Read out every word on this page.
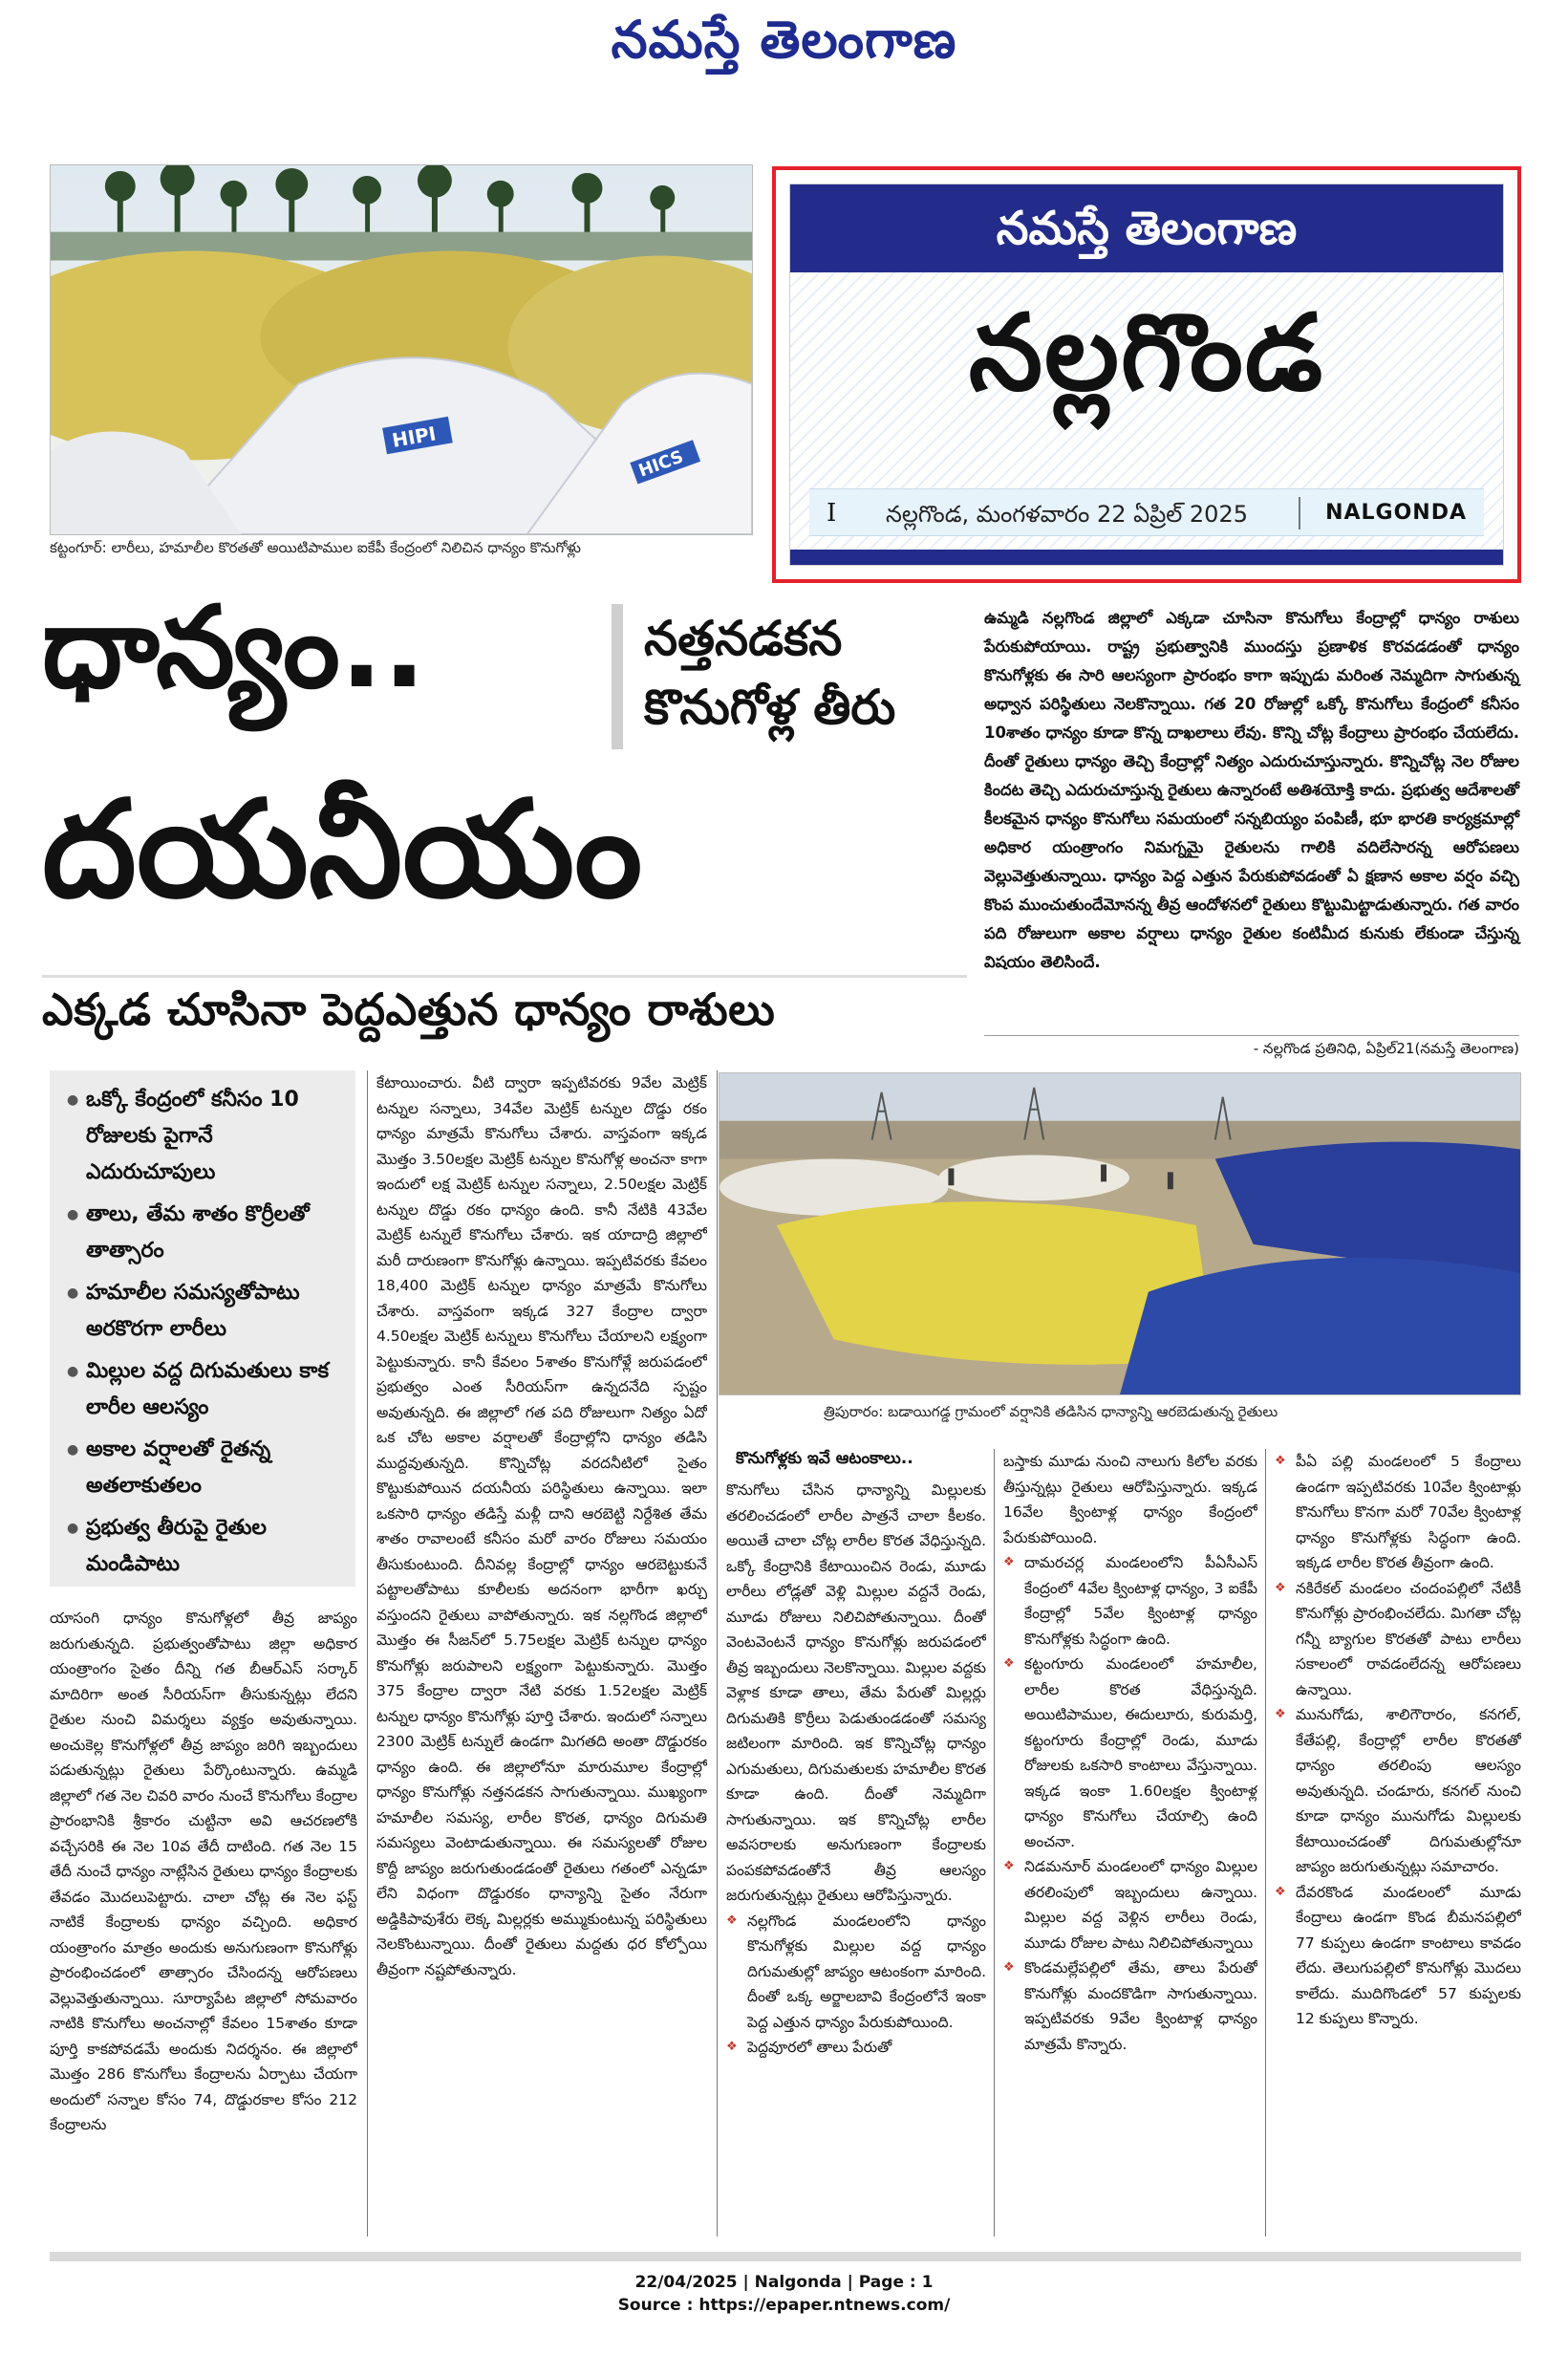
నమస్తే తెలంగాణ
HIPI
HICS
కట్టంగూర్: లారీలు, హమాలీల కొరతతో అయిటిపాముల ఐకేపీ కేంద్రంలో నిలిచిన ధాన్యం కొనుగోళ్లు
నమస్తే తెలంగాణ
నల్లగొండ
I నల్లగొండ, మంగళవారం 22 ఏప్రిల్ 2025	NALGONDA
ధాన్యం..
దయనీయం
నత్తనడకన
కొనుగోళ్ల తీరు
ఎక్కడ చూసినా పెద్దఎత్తున ధాన్యం రాశులు

ఉమ్మడి నల్లగొండ జిల్లాలో ఎక్కడా చూసినా కొనుగోలు కేంద్రాల్లో ధాన్యం రాశులు పేరుకుపోయాయి. రాష్ట్ర ప్రభుత్వానికి ముందస్తు ప్రణాళిక కొరవడడంతో ధాన్యం కొనుగోళ్లకు ఈ సారి ఆలస్యంగా ప్రారంభం కాగా ఇప్పుడు మరింత నెమ్మదిగా సాగుతున్న అధ్వాన పరిస్థితులు నెలకొన్నాయి. గత 20 రోజుల్లో ఒక్కో కొనుగోలు కేంద్రంలో కనీసం 10శాతం ధాన్యం కూడా కొన్న దాఖలాలు లేవు. కొన్ని చోట్ల కేంద్రాలు ప్రారంభం చేయలేదు. దీంతో రైతులు ధాన్యం తెచ్చి కేంద్రాల్లో నిత్యం ఎదురుచూస్తున్నారు. కొన్నిచోట్ల నెల రోజుల కిందట తెచ్చి ఎదురుచూస్తున్న రైతులు ఉన్నారంటే అతిశయోక్తి కాదు. ప్రభుత్వ ఆదేశాలతో కీలకమైన ధాన్యం కొనుగోలు సమయంలో సన్నబియ్యం పంపిణీ, భూ భారతి కార్యక్రమాల్లో అధికార యంత్రాంగం నిమగ్నమై రైతులను గాలికి వదిలేసారన్న ఆరోపణలు వెల్లువెత్తుతున్నాయి. ధాన్యం పెద్ద ఎత్తున పేరుకుపోవడంతో ఏ క్షణాన అకాల వర్షం వచ్చి కొంప ముంచుతుందేమోనన్న తీవ్ర ఆందోళనలో రైతులు కొట్టుమిట్టాడుతున్నారు. గత వారం పది రోజులుగా అకాల వర్షాలు ధాన్యం రైతుల కంటిమీద కునుకు లేకుండా చేస్తున్న విషయం తెలిసిందే.

- నల్లగొండ ప్రతినిధి, ఏప్రిల్21(నమస్తే తెలంగాణ)
త్రిపురారం: బడాయిగడ్డ గ్రామంలో వర్షానికి తడిసిన ధాన్యాన్ని ఆరబెడుతున్న రైతులు
● ఒక్కో కేంద్రంలో కనీసం 10 రోజులకు పైగానే ఎదురుచూపులు
● తాలు, తేమ శాతం కొర్రీలతో తాత్సారం
● హమాలీల సమస్యతోపాటు అరకొరగా లారీలు
● మిల్లుల వద్ద దిగుమతులు కాక లారీల ఆలస్యం
● అకాల వర్షాలతో రైతన్న అతలాకుతలం
● ప్రభుత్వ తీరుపై రైతుల మండిపాటు

యాసంగి ధాన్యం కొనుగోళ్లలో తీవ్ర జాప్యం జరుగుతున్నది. ప్రభుత్వంతోపాటు జిల్లా అధికార యంత్రాంగం సైతం దీన్ని గత బీఆర్ఎస్ సర్కార్ మాదిరిగా అంత సీరియస్‌గా తీసుకున్నట్లు లేదని రైతుల నుంచి విమర్శలు వ్యక్తం అవుతున్నాయి. అంచుకెల్ల కొనుగోళ్లలో తీవ్ర జాప్యం జరిగి ఇబ్బందులు పడుతున్నట్లు రైతులు పేర్కొంటున్నారు. ఉమ్మడి జిల్లాలో గత నెల చివరి వారం నుంచే కొనుగోలు కేంద్రాల ప్రారంభానికి శ్రీకారం చుట్టినా అవి ఆచరణలోకి వచ్చేసరికి ఈ నెల 10వ తేదీ దాటింది. గత నెల 15 తేదీ నుంచే ధాన్యం నాట్లేసిన రైతులు ధాన్యం కేంద్రాలకు తేవడం మొదలుపెట్టారు. చాలా చోట్ల ఈ నెల ఫస్ట్ నాటికే కేంద్రాలకు ధాన్యం వచ్చింది. అధికార యంత్రాంగం మాత్రం అందుకు అనుగుణంగా కొనుగోళ్లు ప్రారంభించడంలో తాత్సారం చేసిందన్న ఆరోపణలు వెల్లువెత్తుతున్నాయి. సూర్యాపేట జిల్లాలో సోమవారం నాటికి కొనుగోలు అంచనాల్లో కేవలం 15శాతం కూడా పూర్తి కాకపోవడమే అందుకు నిదర్శనం. ఈ జిల్లాలో మొత్తం 286 కొనుగోలు కేంద్రాలను ఏర్పాటు చేయగా అందులో సన్నాల కోసం 74, దొడ్డురకాల కోసం 212 కేంద్రాలను

కేటాయించారు. వీటి ద్వారా ఇప్పటివరకు 9వేల మెట్రిక్ టన్నుల సన్నాలు, 34వేల మెట్రిక్ టన్నుల దొడ్డు రకం ధాన్యం మాత్రమే కొనుగోలు చేశారు. వాస్తవంగా ఇక్కడ మొత్తం 3.50లక్షల మెట్రిక్ టన్నుల కొనుగోళ్ల అంచనా కాగా ఇందులో లక్ష మెట్రిక్ టన్నుల సన్నాలు, 2.50లక్షల మెట్రిక్ టన్నుల దొడ్డు రకం ధాన్యం ఉంది. కానీ నేటికి 43వేల మెట్రిక్ టన్నులే కొనుగోలు చేశారు. ఇక యాదాద్రి జిల్లాలో మరీ దారుణంగా కొనుగోళ్లు ఉన్నాయి. ఇప్పటివరకు కేవలం 18,400 మెట్రిక్ టన్నుల ధాన్యం మాత్రమే కొనుగోలు చేశారు. వాస్తవంగా ఇక్కడ 327 కేంద్రాల ద్వారా 4.50లక్షల మెట్రిక్ టన్నులు కొనుగోలు చేయాలని లక్ష్యంగా పెట్టుకున్నారు. కానీ కేవలం 5శాతం కొనుగోళ్లే జరుపడంలో ప్రభుత్వం ఎంత సీరియస్‌గా ఉన్నదనేది స్పష్టం అవుతున్నది. ఈ జిల్లాలో గత పది రోజులుగా నిత్యం ఏదో ఒక చోట అకాల వర్షాలతో కేంద్రాల్లోని ధాన్యం తడిసి ముద్దవుతున్నది. కొన్నిచోట్ల వరదనీటిలో సైతం కొట్టుకుపోయిన దయనీయ పరిస్థితులు ఉన్నాయి. ఇలా ఒకసారి ధాన్యం తడిస్తే మళ్లీ దాని ఆరబెట్టి నిర్దేశిత తేమ శాతం రావాలంటే కనీసం మరో వారం రోజులు సమయం తీసుకుంటుంది. దీనివల్ల కేంద్రాల్లో ధాన్యం ఆరబెట్టుకునే పట్టాలతోపాటు కూలీలకు అదనంగా భారీగా ఖర్చు వస్తుందని రైతులు వాపోతున్నారు. ఇక నల్లగొండ జిల్లాలో మొత్తం ఈ సీజన్‌లో 5.75లక్షల మెట్రిక్ టన్నుల ధాన్యం కొనుగోళ్లు జరుపాలని లక్ష్యంగా పెట్టుకున్నారు. మొత్తం 375 కేంద్రాల ద్వారా నేటి వరకు 1.52లక్షల మెట్రిక్ టన్నుల ధాన్యం కొనుగోళ్లు పూర్తి చేశారు. ఇందులో సన్నాలు 2300 మెట్రిక్ టన్నులే ఉండగా మిగతది అంతా దొడ్డురకం ధాన్యం ఉంది. ఈ జిల్లాలోనూ మారుమూల కేంద్రాల్లో ధాన్యం కొనుగోళ్లు నత్తనడకన సాగుతున్నాయి. ముఖ్యంగా హమాలీల సమస్య, లారీల కొరత, ధాన్యం దిగుమతి సమస్యలు వెంటాడుతున్నాయి. ఈ సమస్యలతో రోజుల కొద్దీ జాప్యం జరుగుతుండడంతో రైతులు గతంలో ఎన్నడూ లేని విధంగా దొడ్డురకం ధాన్యాన్ని సైతం నేరుగా అడ్డికిపావుశేరు లెక్క మిల్లర్లకు అమ్ముకుంటున్న పరిస్థితులు నెలకొంటున్నాయి. దీంతో రైతులు మద్దతు ధర కోల్పోయి తీవ్రంగా నష్టపోతున్నారు.

కొనుగోళ్లకు ఇవే ఆటంకాలు..

కొనుగోలు చేసిన ధాన్యాన్ని మిల్లులకు తరలించడంలో లారీల పాత్రనే చాలా కీలకం. అయితే చాలా చోట్ల లారీల కొరత వేధిస్తున్నది. ఒక్కో కేంద్రానికి కేటాయించిన రెండు, మూడు లారీలు లోడ్లతో వెళ్లి మిల్లుల వద్దనే రెండు, మూడు రోజులు నిలిచిపోతున్నాయి. దీంతో వెంటవెంటనే ధాన్యం కొనుగోళ్లు జరుపడంలో తీవ్ర ఇబ్బందులు నెలకొన్నాయి. మిల్లుల వద్దకు వెళ్లాక కూడా తాలు, తేమ పేరుతో మిల్లర్లు దిగుమతికి కొర్రీలు పెడుతుండడంతో సమస్య జటిలంగా మారింది. ఇక కొన్నిచోట్ల ధాన్యం ఎగుమతులు, దిగుమతులకు హమాలీల కొరత కూడా ఉంది. దీంతో నెమ్మదిగా సాగుతున్నాయి. ఇక కొన్నిచోట్ల లారీల అవసరాలకు అనుగుణంగా కేంద్రాలకు పంపకపోవడంతోనే తీవ్ర ఆలస్యం జరుగుతున్నట్లు రైతులు ఆరోపిస్తున్నారు.

❖ నల్లగొండ మండలంలోని ధాన్యం కొనుగోళ్లకు మిల్లుల వద్ద ధాన్యం దిగుమతుల్లో జాప్యం ఆటంకంగా మారింది. దీంతో ఒక్క అర్జాలబావి కేంద్రంలోనే ఇంకా పెద్ద ఎత్తున ధాన్యం పేరుకుపోయింది.

❖ పెద్దవూరలో తాలు పేరుతో

బస్తాకు మూడు నుంచి నాలుగు కిలోల వరకు తీస్తున్నట్లు రైతులు ఆరోపిస్తున్నారు. ఇక్కడ 16వేల క్వింటాళ్ల ధాన్యం కేంద్రంలో పేరుకుపోయింది.

❖ దామరచర్ల మండలంలోని పీఏసీఎస్ కేంద్రంలో 4వేల క్వింటాళ్ల ధాన్యం, 3 ఐకేపీ కేంద్రాల్లో 5వేల క్వింటాళ్ల ధాన్యం కొనుగోళ్లకు సిద్ధంగా ఉంది.

❖ కట్టంగూరు మండలంలో హమాలీల, లారీల కొరత వేధిస్తున్నది. అయిటిపాముల, ఈదులూరు, కురుమర్తి, కట్టంగూరు కేంద్రాల్లో రెండు, మూడు రోజులకు ఒకసారి కాంటాలు వేస్తున్నాయి. ఇక్కడ ఇంకా 1.60లక్షల క్వింటాళ్ల ధాన్యం కొనుగోలు చేయాల్సి ఉంది అంచనా.

❖ నిడమనూర్ మండలంలో ధాన్యం మిల్లుల తరలింపులో ఇబ్బందులు ఉన్నాయి. మిల్లుల వద్ద వెళ్లిన లారీలు రెండు, మూడు రోజుల పాటు నిలిచిపోతున్నాయి

❖ కొండమల్లేపల్లిలో తేమ, తాలు పేరుతో కొనుగోళ్లు మందకొడిగా సాగుతున్నాయి. ఇప్పటివరకు 9వేల క్వింటాళ్ల ధాన్యం మాత్రమే కొన్నారు.

❖ పీఏ పల్లి మండలంలో 5 కేంద్రాలు ఉండగా ఇప్పటివరకు 10వేల క్వింటాళ్లు కొనుగోలు కొనగా మరో 70వేల క్వింటాళ్ల ధాన్యం కొనుగోళ్లకు సిద్ధంగా ఉంది. ఇక్కడ లారీల కొరత తీవ్రంగా ఉంది.

❖ నకిరేకల్ మండలం చందంపల్లిలో నేటికీ కొనుగోళ్లు ప్రారంభించలేదు. మిగతా చోట్ల గన్నీ బ్యాగుల కొరతతో పాటు లారీలు సకాలంలో రావడంలేదన్న ఆరోపణలు ఉన్నాయి.

❖ మునుగోడు, శాలిగౌరారం, కనగల్, కేతేపల్లి, కేంద్రాల్లో లారీల కొరతతో ధాన్యం తరలింపు ఆలస్యం అవుతున్నది. చండూరు, కనగల్ నుంచి కూడా ధాన్యం మునుగోడు మిల్లులకు కేటాయించడంతో దిగుమతుల్లోనూ జాప్యం జరుగుతున్నట్లు సమాచారం.

❖ దేవరకొండ మండలంలో మూడు కేంద్రాలు ఉండగా కొండ బీమనపల్లిలో 77 కుప్పలు ఉండగా కాంటాలు కావడం లేదు. తెలుగుపల్లిలో కొనుగోళ్లు మొదలు కాలేదు. ముదిగొండలో 57 కుప్పలకు 12 కుప్పలు కొన్నారు.

22/04/2025 | Nalgonda | Page : 1
Source : https://epaper.ntnews.com/
